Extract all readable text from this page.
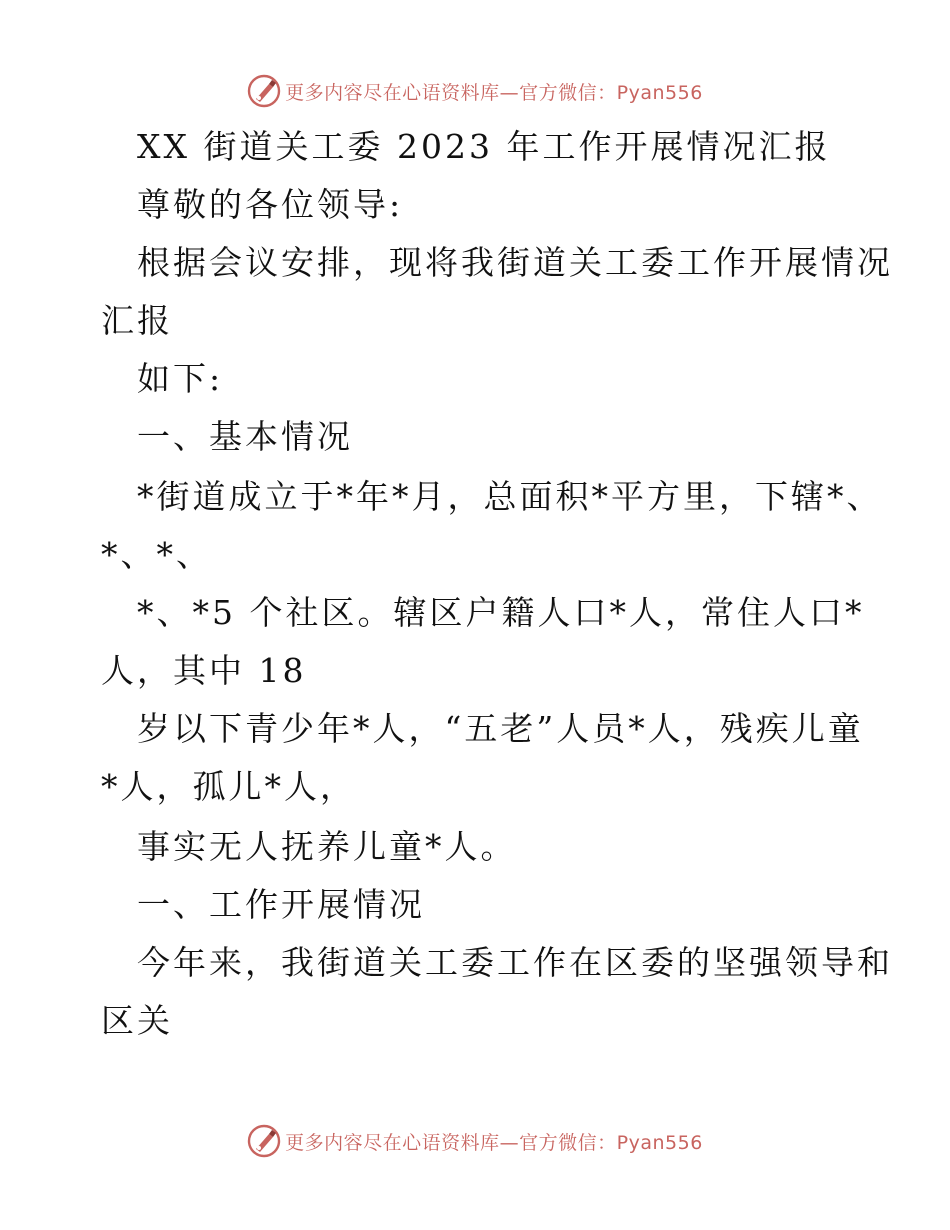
更多内容尽在心语资料库—官方微信：Pyan556
XX 街道关工委 2023 年工作开展情况汇报
尊敬的各位领导:
根据会议安排，现将我街道关工委工作开展情况
汇报
如下:
一、基本情况
*街道成立于*年*月，总面积*平方里，下辖*、
*、*、
*、*5 个社区。辖区户籍人口*人，常住人口*
人，其中 18
岁以下青少年*人，“五老”人员*人，残疾儿童
*人，孤儿*人，
事实无人抚养儿童*人。
一、工作开展情况
今年来，我街道关工委工作在区委的坚强领导和
区关
更多内容尽在心语资料库—官方微信：Pyan556
